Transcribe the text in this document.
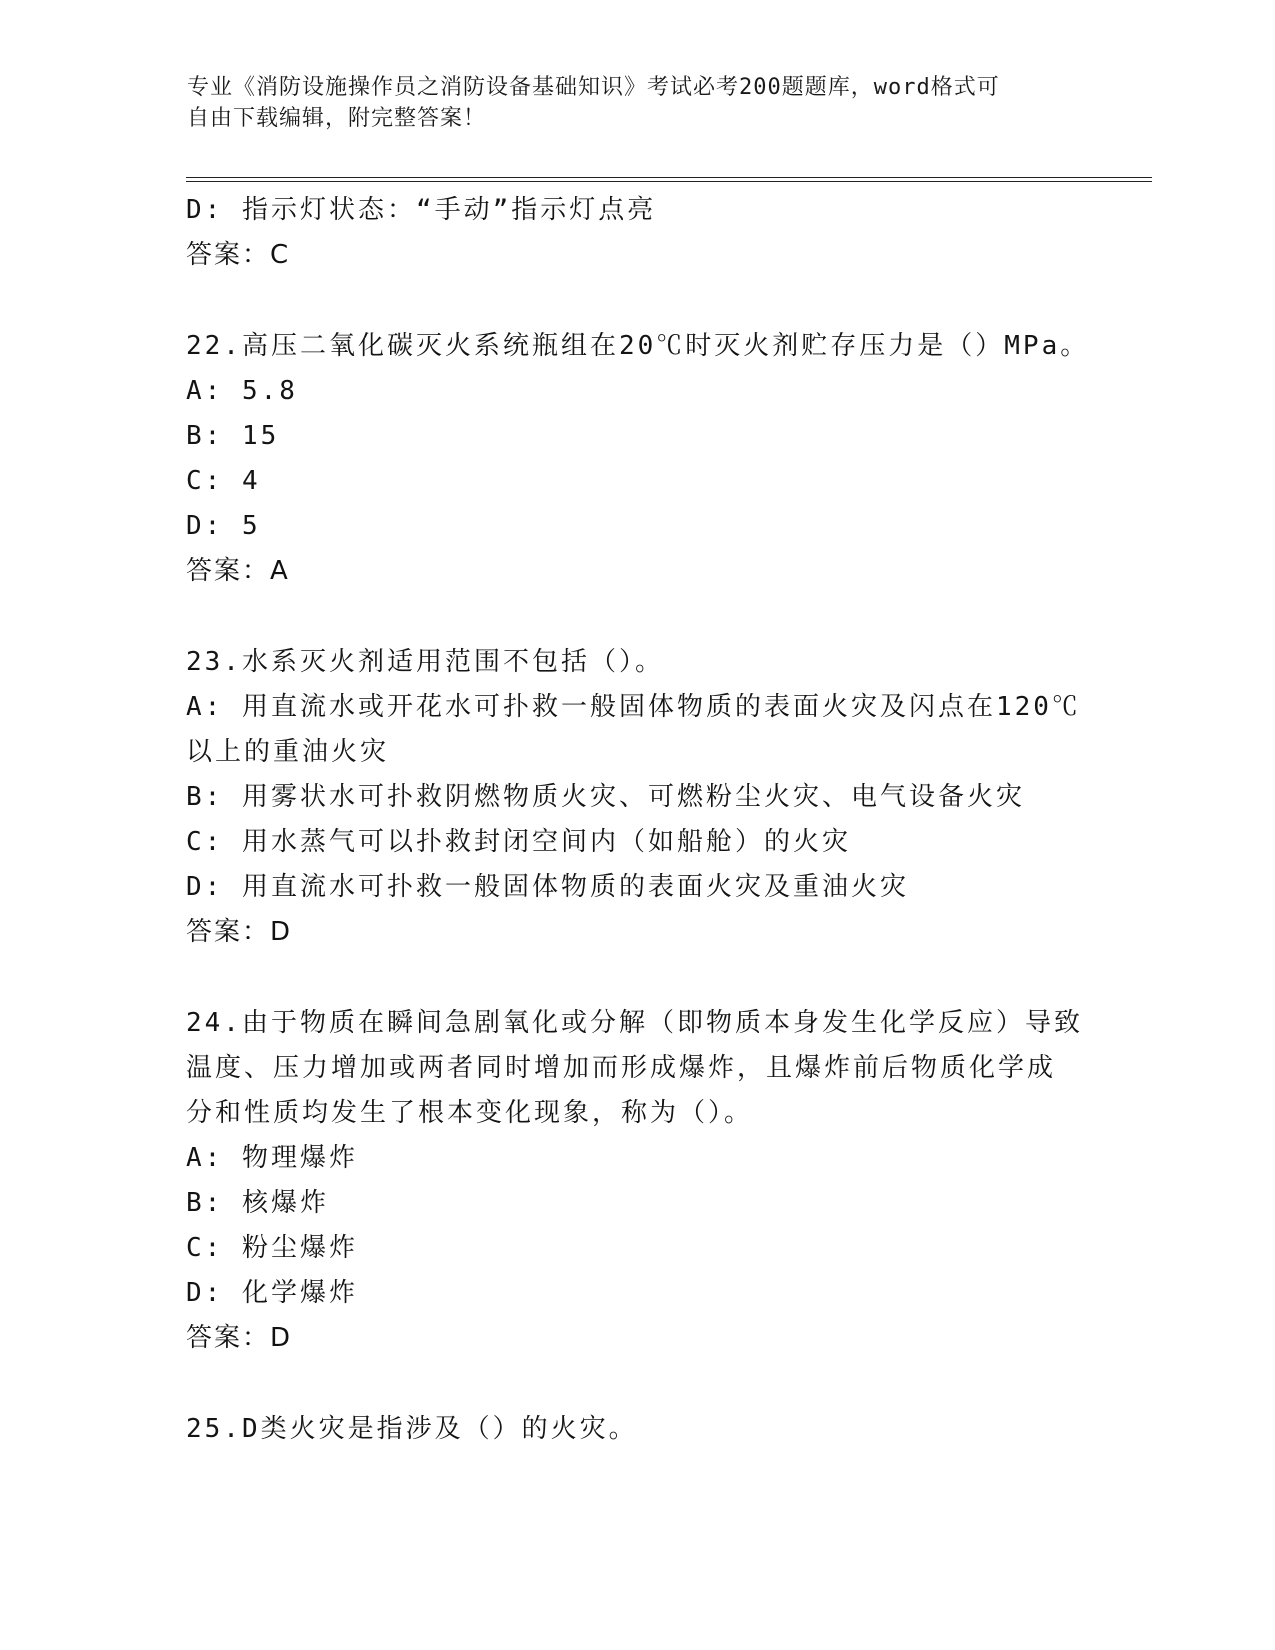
专业《消防设施操作员之消防设备基础知识》考试必考200题题库，word格式可
自由下载编辑，附完整答案！
D: 指示灯状态：“手动”指示灯点亮
答案：C
22.高压二氧化碳灭火系统瓶组在20℃时灭火剂贮存压力是（）MPa。
A: 5.8
B: 15
C: 4
D: 5
答案：A
23.水系灭火剂适用范围不包括（）。
A: 用直流水或开花水可扑救一般固体物质的表面火灾及闪点在120℃
以上的重油火灾
B: 用雾状水可扑救阴燃物质火灾、可燃粉尘火灾、电气设备火灾
C: 用水蒸气可以扑救封闭空间内（如船舱）的火灾
D: 用直流水可扑救一般固体物质的表面火灾及重油火灾
答案：D
24.由于物质在瞬间急剧氧化或分解（即物质本身发生化学反应）导致
温度、压力增加或两者同时增加而形成爆炸，且爆炸前后物质化学成
分和性质均发生了根本变化现象，称为（）。
A: 物理爆炸
B: 核爆炸
C: 粉尘爆炸
D: 化学爆炸
答案：D
25.D类火灾是指涉及（）的火灾。
